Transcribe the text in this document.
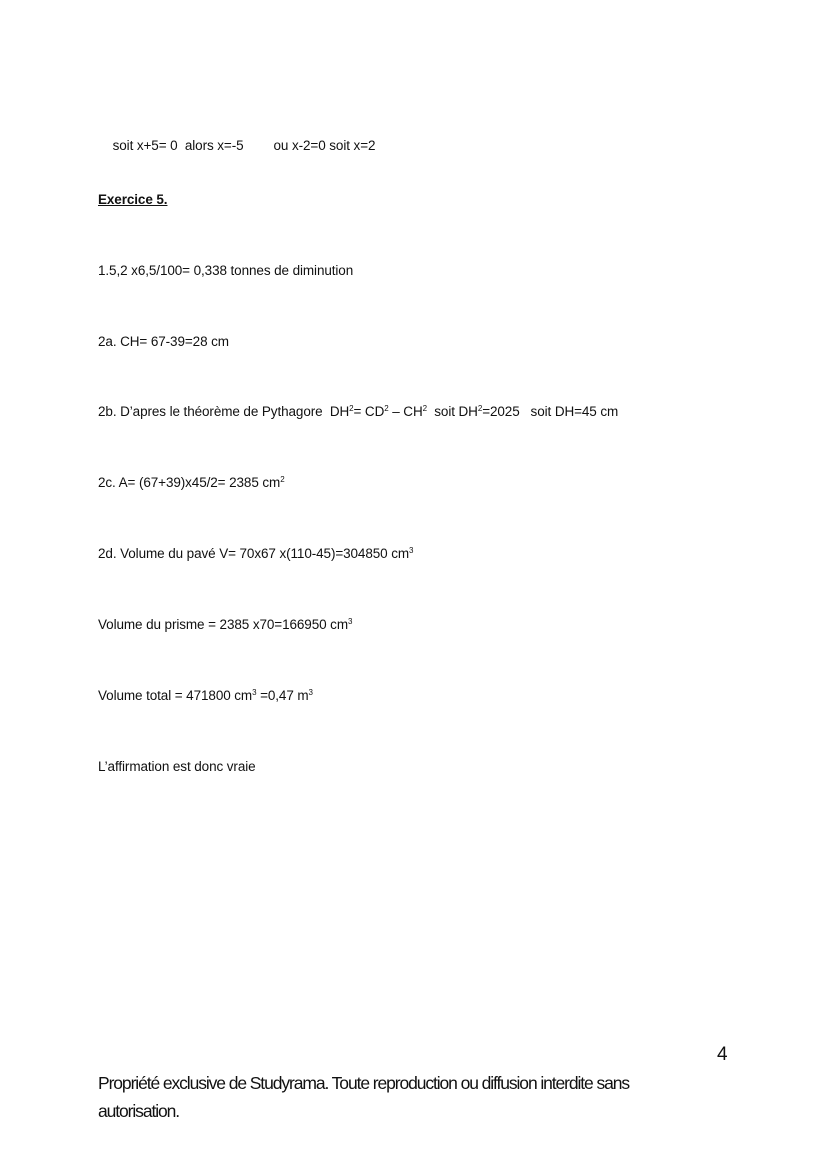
soit x+5= 0  alors x=-5 ou x-2=0 soit x=2

Exercice 5.
1.5,2 x6,5/100= 0,338 tonnes de diminution
2a. CH= 67-39=28 cm
2b. D’apres le théorème de Pythagore  $DH^2= CD^2 - CH^2$  soit $DH^2=2025$   soit DH=45 cm
2c. A= (67+39)x45/2= 2385 $cm^2$
2d. Volume du pavé V= 70x67 x(110-45)=304850 $cm^3$
Volume du prisme = 2385 x70=166950 $cm^3$
Volume total = 471800 $cm^3 =0,47$ $m^3$
L’affirmation est donc vraie
4
Propriété exclusive de Studyrama. Toute reproduction ou diffusion interdite sans
autorisation.
